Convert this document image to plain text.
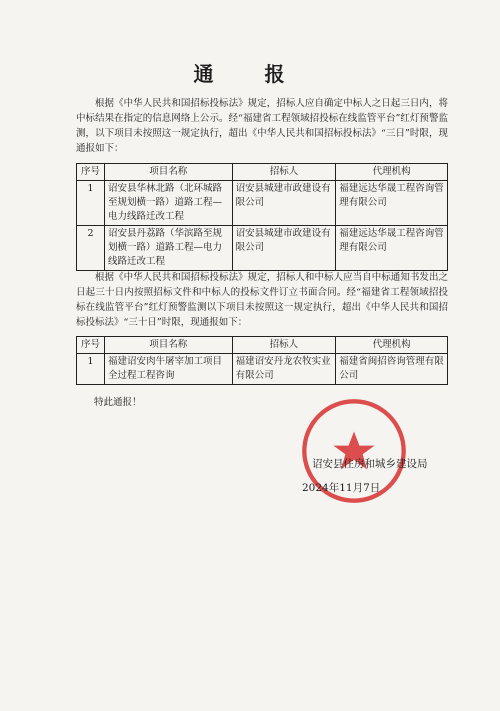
通 报
根据《中华人民共和国招标投标法》规定，招标人应自确定中标人之日起三日内，将中标结果在指定的信息网络上公示。经“福建省工程领域招投标在线监管平台”红灯预警监测，以下项目未按照这一规定执行，超出《中华人民共和国招标投标法》“三日”时限，现通报如下：
序号	项目名称	招标人	代理机构
1	诏安县华林北路（北环城路至规划横一路）道路工程—电力线路迁改工程	诏安县城建市政建设有限公司	福建远达华晟工程咨询管理有限公司
2	诏安县丹荔路（华滨路至规划横一路）道路工程—电力线路迁改工程	诏安县城建市政建设有限公司	福建远达华晟工程咨询管理有限公司
根据《中华人民共和国招标投标法》规定，招标人和中标人应当自中标通知书发出之日起三十日内按照招标文件和中标人的投标文件订立书面合同。经“福建省工程领域招投标在线监管平台”红灯预警监测以下项目未按照这一规定执行，超出《中华人民共和国招标投标法》“三十日”时限，现通报如下：
序号	项目名称	招标人	代理机构
1	福建诏安肉牛屠宰加工项目全过程工程咨询	福建诏安丹龙农牧实业有限公司	福建省闽招咨询管理有限公司
特此通报！
诏安县住房和城乡建设局
2024年11月7日
